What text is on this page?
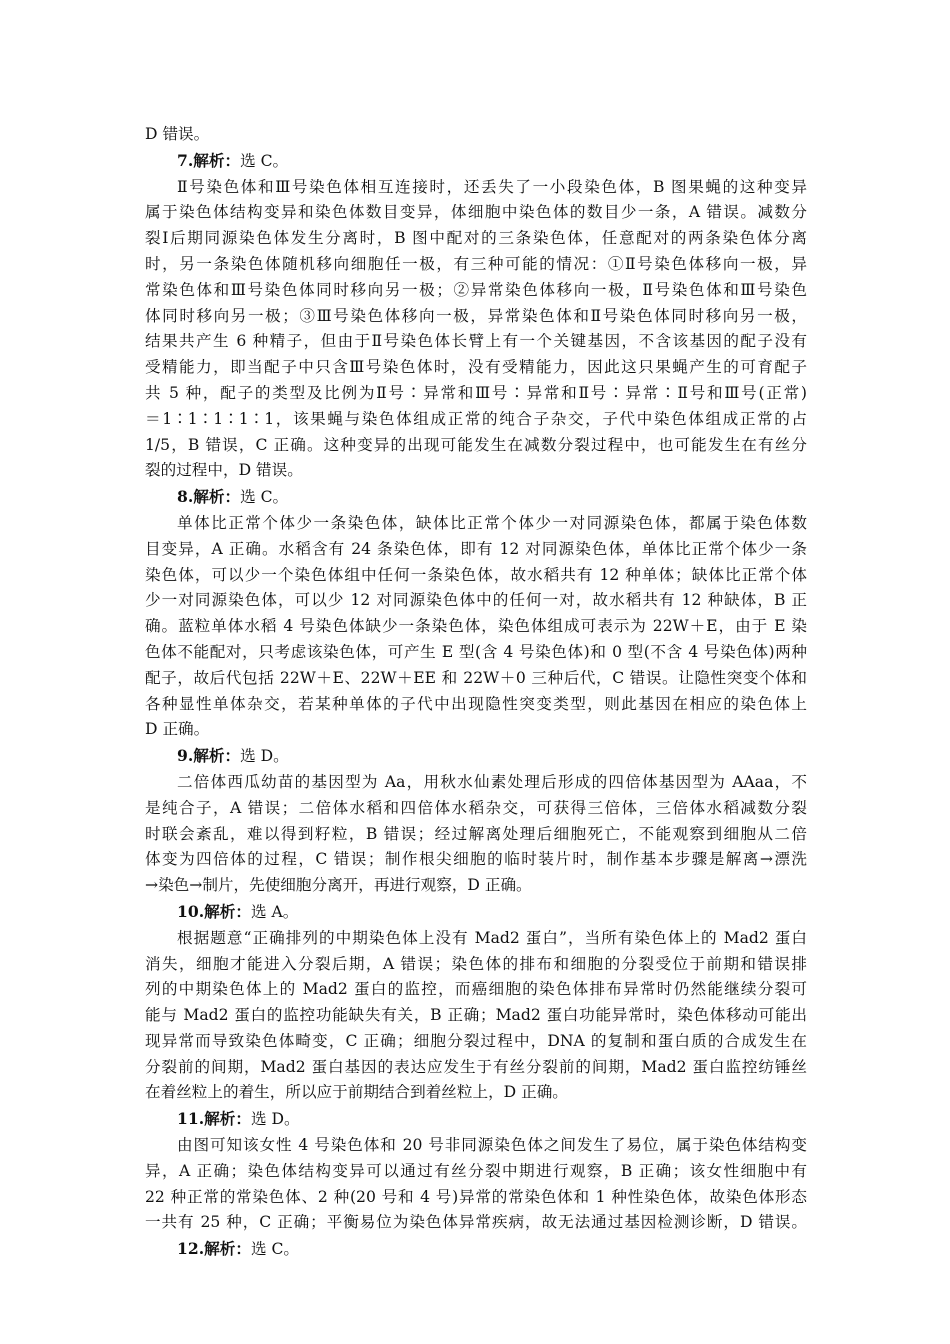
D 错误。

7.解析：选 C。

Ⅱ号染色体和Ⅲ号染色体相互连接时，还丢失了一小段染色体，B 图果蝇的这种变异

属于染色体结构变异和染色体数目变异，体细胞中染色体的数目少一条，A 错误。减数分

裂Ⅰ后期同源染色体发生分离时，B 图中配对的三条染色体，任意配对的两条染色体分离

时，另一条染色体随机移向细胞任一极，有三种可能的情况：①Ⅱ号染色体移向一极，异

常染色体和Ⅲ号染色体同时移向另一极；②异常染色体移向一极，Ⅱ号染色体和Ⅲ号染色

体同时移向另一极；③Ⅲ号染色体移向一极，异常染色体和Ⅱ号染色体同时移向另一极，

结果共产生 6 种精子，但由于Ⅱ号染色体长臂上有一个关键基因，不含该基因的配子没有

受精能力，即当配子中只含Ⅲ号染色体时，没有受精能力，因此这只果蝇产生的可育配子

共 5 种，配子的类型及比例为Ⅱ号∶异常和Ⅲ号∶异常和Ⅱ号∶异常∶Ⅱ号和Ⅲ号(正常)

＝1∶1∶1∶1∶1，该果蝇与染色体组成正常的纯合子杂交，子代中染色体组成正常的占

1/5，B 错误，C 正确。这种变异的出现可能发生在减数分裂过程中，也可能发生在有丝分

裂的过程中，D 错误。

8.解析：选 C。

单体比正常个体少一条染色体，缺体比正常个体少一对同源染色体，都属于染色体数

目变异，A 正确。水稻含有 24 条染色体，即有 12 对同源染色体，单体比正常个体少一条

染色体，可以少一个染色体组中任何一条染色体，故水稻共有 12 种单体；缺体比正常个体

少一对同源染色体，可以少 12 对同源染色体中的任何一对，故水稻共有 12 种缺体，B 正

确。蓝粒单体水稻 4 号染色体缺少一条染色体，染色体组成可表示为 22W＋E，由于 E 染

色体不能配对，只考虑该染色体，可产生 E 型(含 4 号染色体)和 0 型(不含 4 号染色体)两种

配子，故后代包括 22W＋E、22W＋EE 和 22W＋0 三种后代，C 错误。让隐性突变个体和

各种显性单体杂交，若某种单体的子代中出现隐性突变类型，则此基因在相应的染色体上

D 正确。

9.解析：选 D。

二倍体西瓜幼苗的基因型为 Aa，用秋水仙素处理后形成的四倍体基因型为 AAaa，不

是纯合子，A 错误；二倍体水稻和四倍体水稻杂交，可获得三倍体，三倍体水稻减数分裂

时联会紊乱，难以得到籽粒，B 错误；经过解离处理后细胞死亡，不能观察到细胞从二倍

体变为四倍体的过程，C 错误；制作根尖细胞的临时装片时，制作基本步骤是解离→漂洗

→染色→制片，先使细胞分离开，再进行观察，D 正确。

10.解析：选 A。

根据题意“正确排列的中期染色体上没有 Mad2 蛋白”，当所有染色体上的 Mad2 蛋白

消失，细胞才能进入分裂后期，A 错误；染色体的排布和细胞的分裂受位于前期和错误排

列的中期染色体上的 Mad2 蛋白的监控，而癌细胞的染色体排布异常时仍然能继续分裂可

能与 Mad2 蛋白的监控功能缺失有关，B 正确；Mad2 蛋白功能异常时，染色体移动可能出

现异常而导致染色体畸变，C 正确；细胞分裂过程中，DNA 的复制和蛋白质的合成发生在

分裂前的间期，Mad2 蛋白基因的表达应发生于有丝分裂前的间期，Mad2 蛋白监控纺锤丝

在着丝粒上的着生，所以应于前期结合到着丝粒上，D 正确。

11.解析：选 D。

由图可知该女性 4 号染色体和 20 号非同源染色体之间发生了易位，属于染色体结构变

异，A 正确；染色体结构变异可以通过有丝分裂中期进行观察，B 正确；该女性细胞中有

22 种正常的常染色体、2 种(20 号和 4 号)异常的常染色体和 1 种性染色体，故染色体形态

一共有 25 种，C 正确；平衡易位为染色体异常疾病，故无法通过基因检测诊断，D 错误。

12.解析：选 C。
